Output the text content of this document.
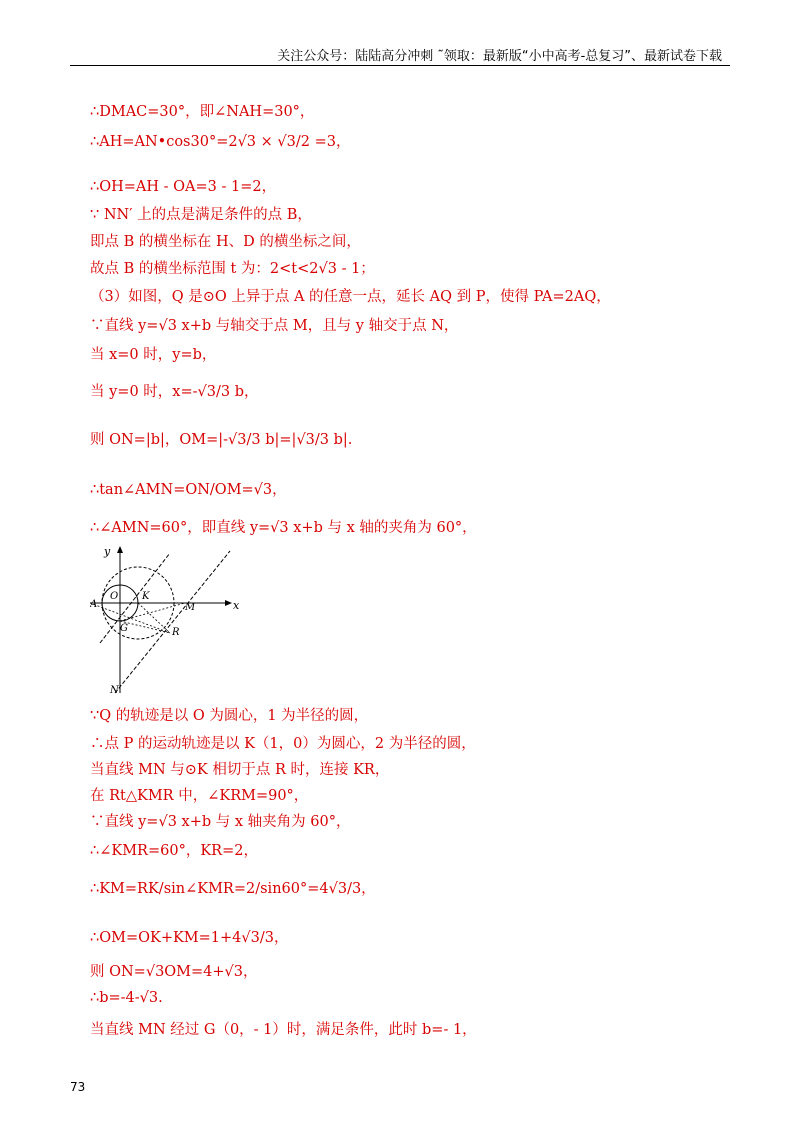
关注公众号：陆陆高分冲刺 ˜领取：最新版“小中高考-总复习”、最新试卷下载
∴DMAC=30°，即∠NAH=30°，
∴AH=AN•cos30°=2√3 × √3/2 =3，
∴OH=AH - OA=3 - 1=2，
∵ NN′ 上的点是满足条件的点 B，
即点 B 的横坐标在 H、D 的横坐标之间，
故点 B 的横坐标范围 t 为：2<t<2√3 - 1；
（3）如图，Q 是⊙O 上异于点 A 的任意一点，延长 AQ 到 P，使得 PA=2AQ，
∵直线 y=√3 x+b 与轴交于点 M，且与 y 轴交于点 N，
当 x=0 时，y=b，
当 y=0 时，x=-√3/3 b，
则 ON=|b|，OM=|-√3/3 b|=|√3/3 b|.
∴tan∠AMN=ON/OM=√3，
∴∠AMN=60°，即直线 y=√3 x+b 与 x 轴的夹角为 60°，
∵Q 的轨迹是以 O 为圆心，1 为半径的圆，
∴点 P 的运动轨迹是以 K（1，0）为圆心，2 为半径的圆，
当直线 MN 与⊙K 相切于点 R 时，连接 KR，
在 Rt△KMR 中，∠KRM=90°，
∵直线 y=√3 x+b 与 x 轴夹角为 60°，
∴∠KMR=60°，KR=2，
∴KM=RK/sin∠KMR=2/sin60°=4√3/3，
∴OM=OK+KM=1+4√3/3，
则 ON=√3OM=4+√3，
∴b=-4-√3.
当直线 MN 经过 G（0，- 1）时，满足条件，此时 b=- 1，
y
x
A
O K
M
G	R
N
73
